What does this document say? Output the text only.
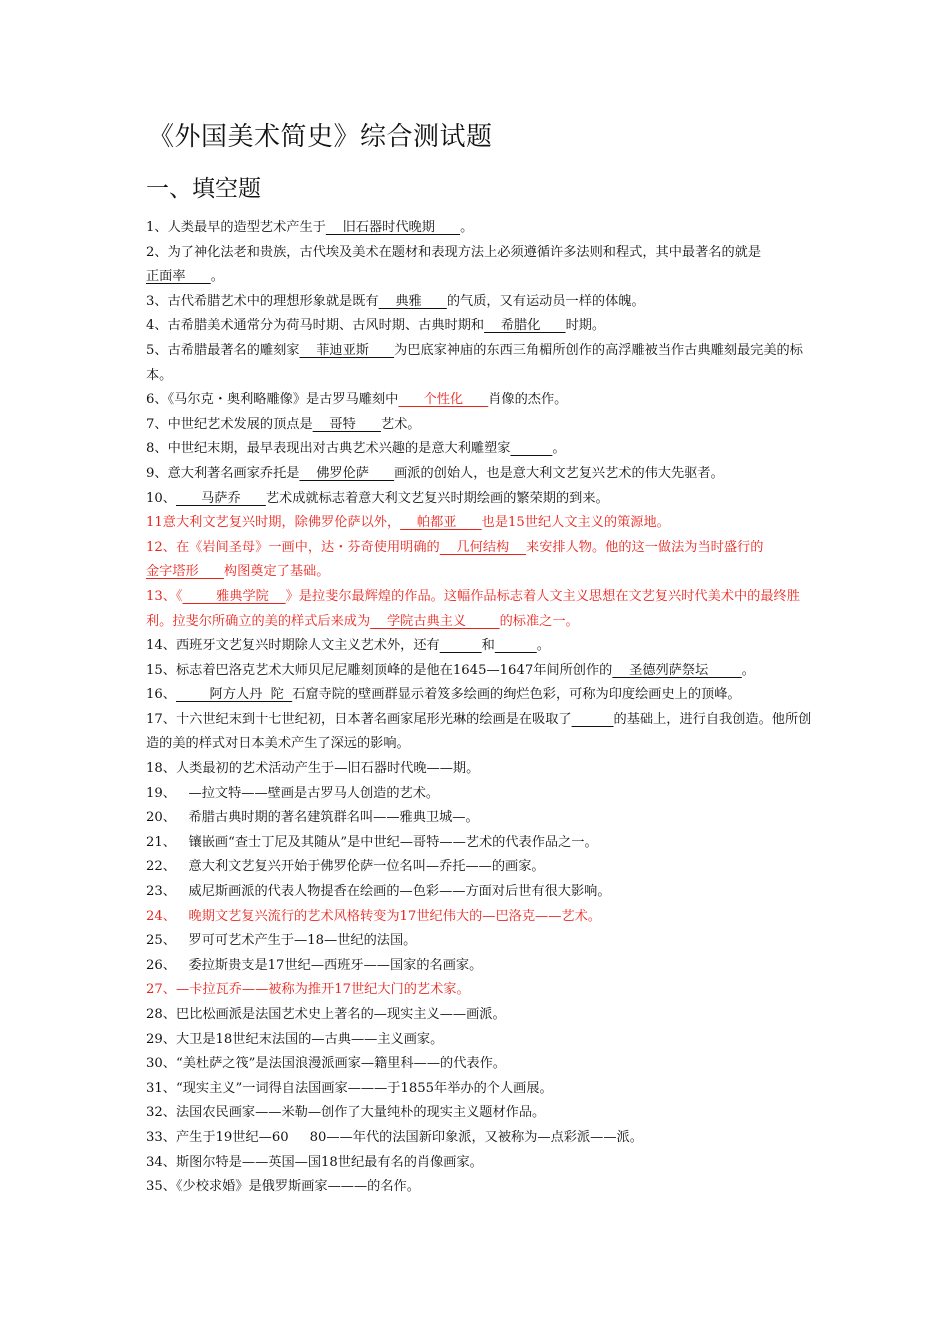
《外国美术简史》综合测试题
一、填空题

1、人类最早的造型艺术产生于    旧石器时代晚期      。

2、为了神化法老和贵族，古代埃及美术在题材和表现方法上必须遵循许多法则和程式，其中最著名的就是正面率      。

3、古代希腊艺术中的理想形象就是既有    典雅      的气质，又有运动员一样的体魄。

4、古希腊美术通常分为荷马时期、古风时期、古典时期和    希腊化      时期。

5、古希腊最著名的雕刻家    菲迪亚斯      为巴底家神庙的东西三角楣所创作的高浮雕被当作古典雕刻最完美的标本。

6、《马尔克・奥利略雕像》是古罗马雕刻中      个性化      肖像的杰作。

7、中世纪艺术发展的顶点是    哥特      艺术。

8、中世纪末期，最早表现出对古典艺术兴趣的是意大利雕塑家	。

9、意大利著名画家乔托是    佛罗伦萨      画派的创始人，也是意大利文艺复兴艺术的伟大先驱者。

10、      马萨乔      艺术成就标志着意大利文艺复兴时期绘画的繁荣期的到来。

11意大利文艺复兴时期，除佛罗伦萨以外，    帕都亚      也是15世纪人文主义的策源地。

12、在《岩间圣母》一画中，达・芬奇使用明确的    几何结构    来安排人物。他的这一做法为当时盛行的金字塔形      构图奠定了基础。

13、《        雅典学院    》是拉斐尔最辉煌的作品。这幅作品标志着人文主义思想在文艺复兴时代美术中的最终胜利。拉斐尔所确立的美的样式后来成为    学院古典主义        的标准之一。

14、西班牙文艺复兴时期除人文主义艺术外，还有	和	。

15、标志着巴洛克艺术大师贝尼尼雕刻顶峰的是他在1645—1647年间所创作的    圣德列萨祭坛        。

16、        阿方人丹  陀  石窟寺院的壁画群显示着笈多绘画的绚烂色彩，可称为印度绘画史上的顶峰。

17、十六世纪末到十七世纪初，日本著名画家尾形光琳的绘画是在吸取了	的基础上，进行自我创造。他所创造的美的样式对日本美术产生了深远的影响。

18、人类最初的艺术活动产生于—旧石器时代晚——期。

19、   —拉文特——壁画是古罗马人创造的艺术。

20、   希腊古典时期的著名建筑群名叫——雅典卫城—。

21、   镶嵌画“查士丁尼及其随从”是中世纪—哥特——艺术的代表作品之一。

22、   意大利文艺复兴开始于佛罗伦萨一位名叫—乔托——的画家。

23、   威尼斯画派的代表人物提香在绘画的—色彩——方面对后世有很大影响。

24、   晚期文艺复兴流行的艺术风格转变为17世纪伟大的—巴洛克——艺术。

25、   罗可可艺术产生于—18—世纪的法国。

26、   委拉斯贵支是17世纪—西班牙——国家的名画家。

27、—卡拉瓦乔——被称为推开17世纪大门的艺术家。

28、巴比松画派是法国艺术史上著名的—现实主义——画派。

29、大卫是18世纪末法国的—古典——主义画家。

30、“美杜萨之筏”是法国浪漫派画家—籍里科——的代表作。

31、“现实主义”一词得自法国画家———于1855年举办的个人画展。

32、法国农民画家——米勒—创作了大量纯朴的现实主义题材作品。

33、产生于19世纪—60     80——年代的法国新印象派，又被称为—点彩派——派。

34、斯图尔特是——英国—国18世纪最有名的肖像画家。

35、《少校求婚》是俄罗斯画家———的名作。
